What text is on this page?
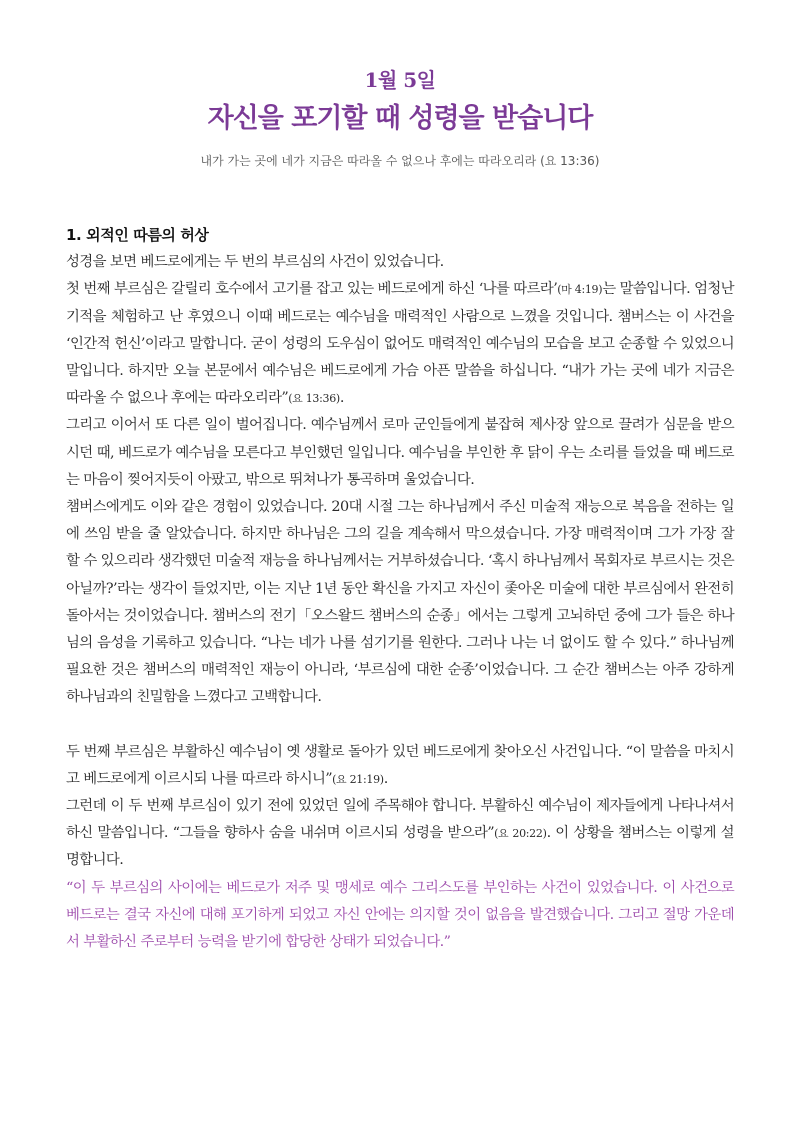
1월 5일
자신을 포기할 때 성령을 받습니다
내가 가는 곳에 네가 지금은 따라올 수 없으나 후에는 따라오리라 (요 13:36)

1. 외적인 따름의 허상

성경을 보면 베드로에게는 두 번의 부르심의 사건이 있었습니다.

첫 번째 부르심은 갈릴리 호수에서 고기를 잡고 있는 베드로에게 하신 ‘나를 따르라’(마 4:19)는 말씀입니다. 엄청난 기적을 체험하고 난 후였으니 이때 베드로는 예수님을 매력적인 사람으로 느꼈을 것입니다. 챔버스는 이 사건을 ‘인간적 헌신’이라고 말합니다. 굳이 성령의 도우심이 없어도 매력적인 예수님의 모습을 보고 순종할 수 있었으니 말입니다. 하지만 오늘 본문에서 예수님은 베드로에게 가슴 아픈 말씀을 하십니다. “내가 가는 곳에 네가 지금은 따라올 수 없으나 후에는 따라오리라”(요 13:36).

그리고 이어서 또 다른 일이 벌어집니다. 예수님께서 로마 군인들에게 붙잡혀 제사장 앞으로 끌려가 심문을 받으시던 때, 베드로가 예수님을 모른다고 부인했던 일입니다. 예수님을 부인한 후 닭이 우는 소리를 들었을 때 베드로는 마음이 찢어지듯이 아팠고, 밖으로 뛰쳐나가 통곡하며 울었습니다.

챔버스에게도 이와 같은 경험이 있었습니다. 20대 시절 그는 하나님께서 주신 미술적 재능으로 복음을 전하는 일에 쓰임 받을 줄 알았습니다. 하지만 하나님은 그의 길을 계속해서 막으셨습니다. 가장 매력적이며 그가 가장 잘 할 수 있으리라 생각했던 미술적 재능을 하나님께서는 거부하셨습니다. ‘혹시 하나님께서 목회자로 부르시는 것은 아닐까?’라는 생각이 들었지만, 이는 지난 1년 동안 확신을 가지고 자신이 좇아온 미술에 대한 부르심에서 완전히 돌아서는 것이었습니다. 챔버스의 전기「오스왈드 챔버스의 순종」에서는 그렇게 고뇌하던 중에 그가 들은 하나님의 음성을 기록하고 있습니다. “나는 네가 나를 섬기기를 원한다. 그러나 나는 너 없이도 할 수 있다.” 하나님께 필요한 것은 챔버스의 매력적인 재능이 아니라, ‘부르심에 대한 순종’이었습니다. 그 순간 챔버스는 아주 강하게 하나님과의 친밀함을 느꼈다고 고백합니다.

두 번째 부르심은 부활하신 예수님이 옛 생활로 돌아가 있던 베드로에게 찾아오신 사건입니다. “이 말씀을 마치시고 베드로에게 이르시되 나를 따르라 하시니”(요 21:19).

그런데 이 두 번째 부르심이 있기 전에 있었던 일에 주목해야 합니다. 부활하신 예수님이 제자들에게 나타나셔서 하신 말씀입니다. “그들을 향하사 숨을 내쉬며 이르시되 성령을 받으라”(요 20:22). 이 상황을 챔버스는 이렇게 설명합니다.

“이 두 부르심의 사이에는 베드로가 저주 및 맹세로 예수 그리스도를 부인하는 사건이 있었습니다. 이 사건으로 베드로는 결국 자신에 대해 포기하게 되었고 자신 안에는 의지할 것이 없음을 발견했습니다. 그리고 절망 가운데서 부활하신 주로부터 능력을 받기에 합당한 상태가 되었습니다.”
